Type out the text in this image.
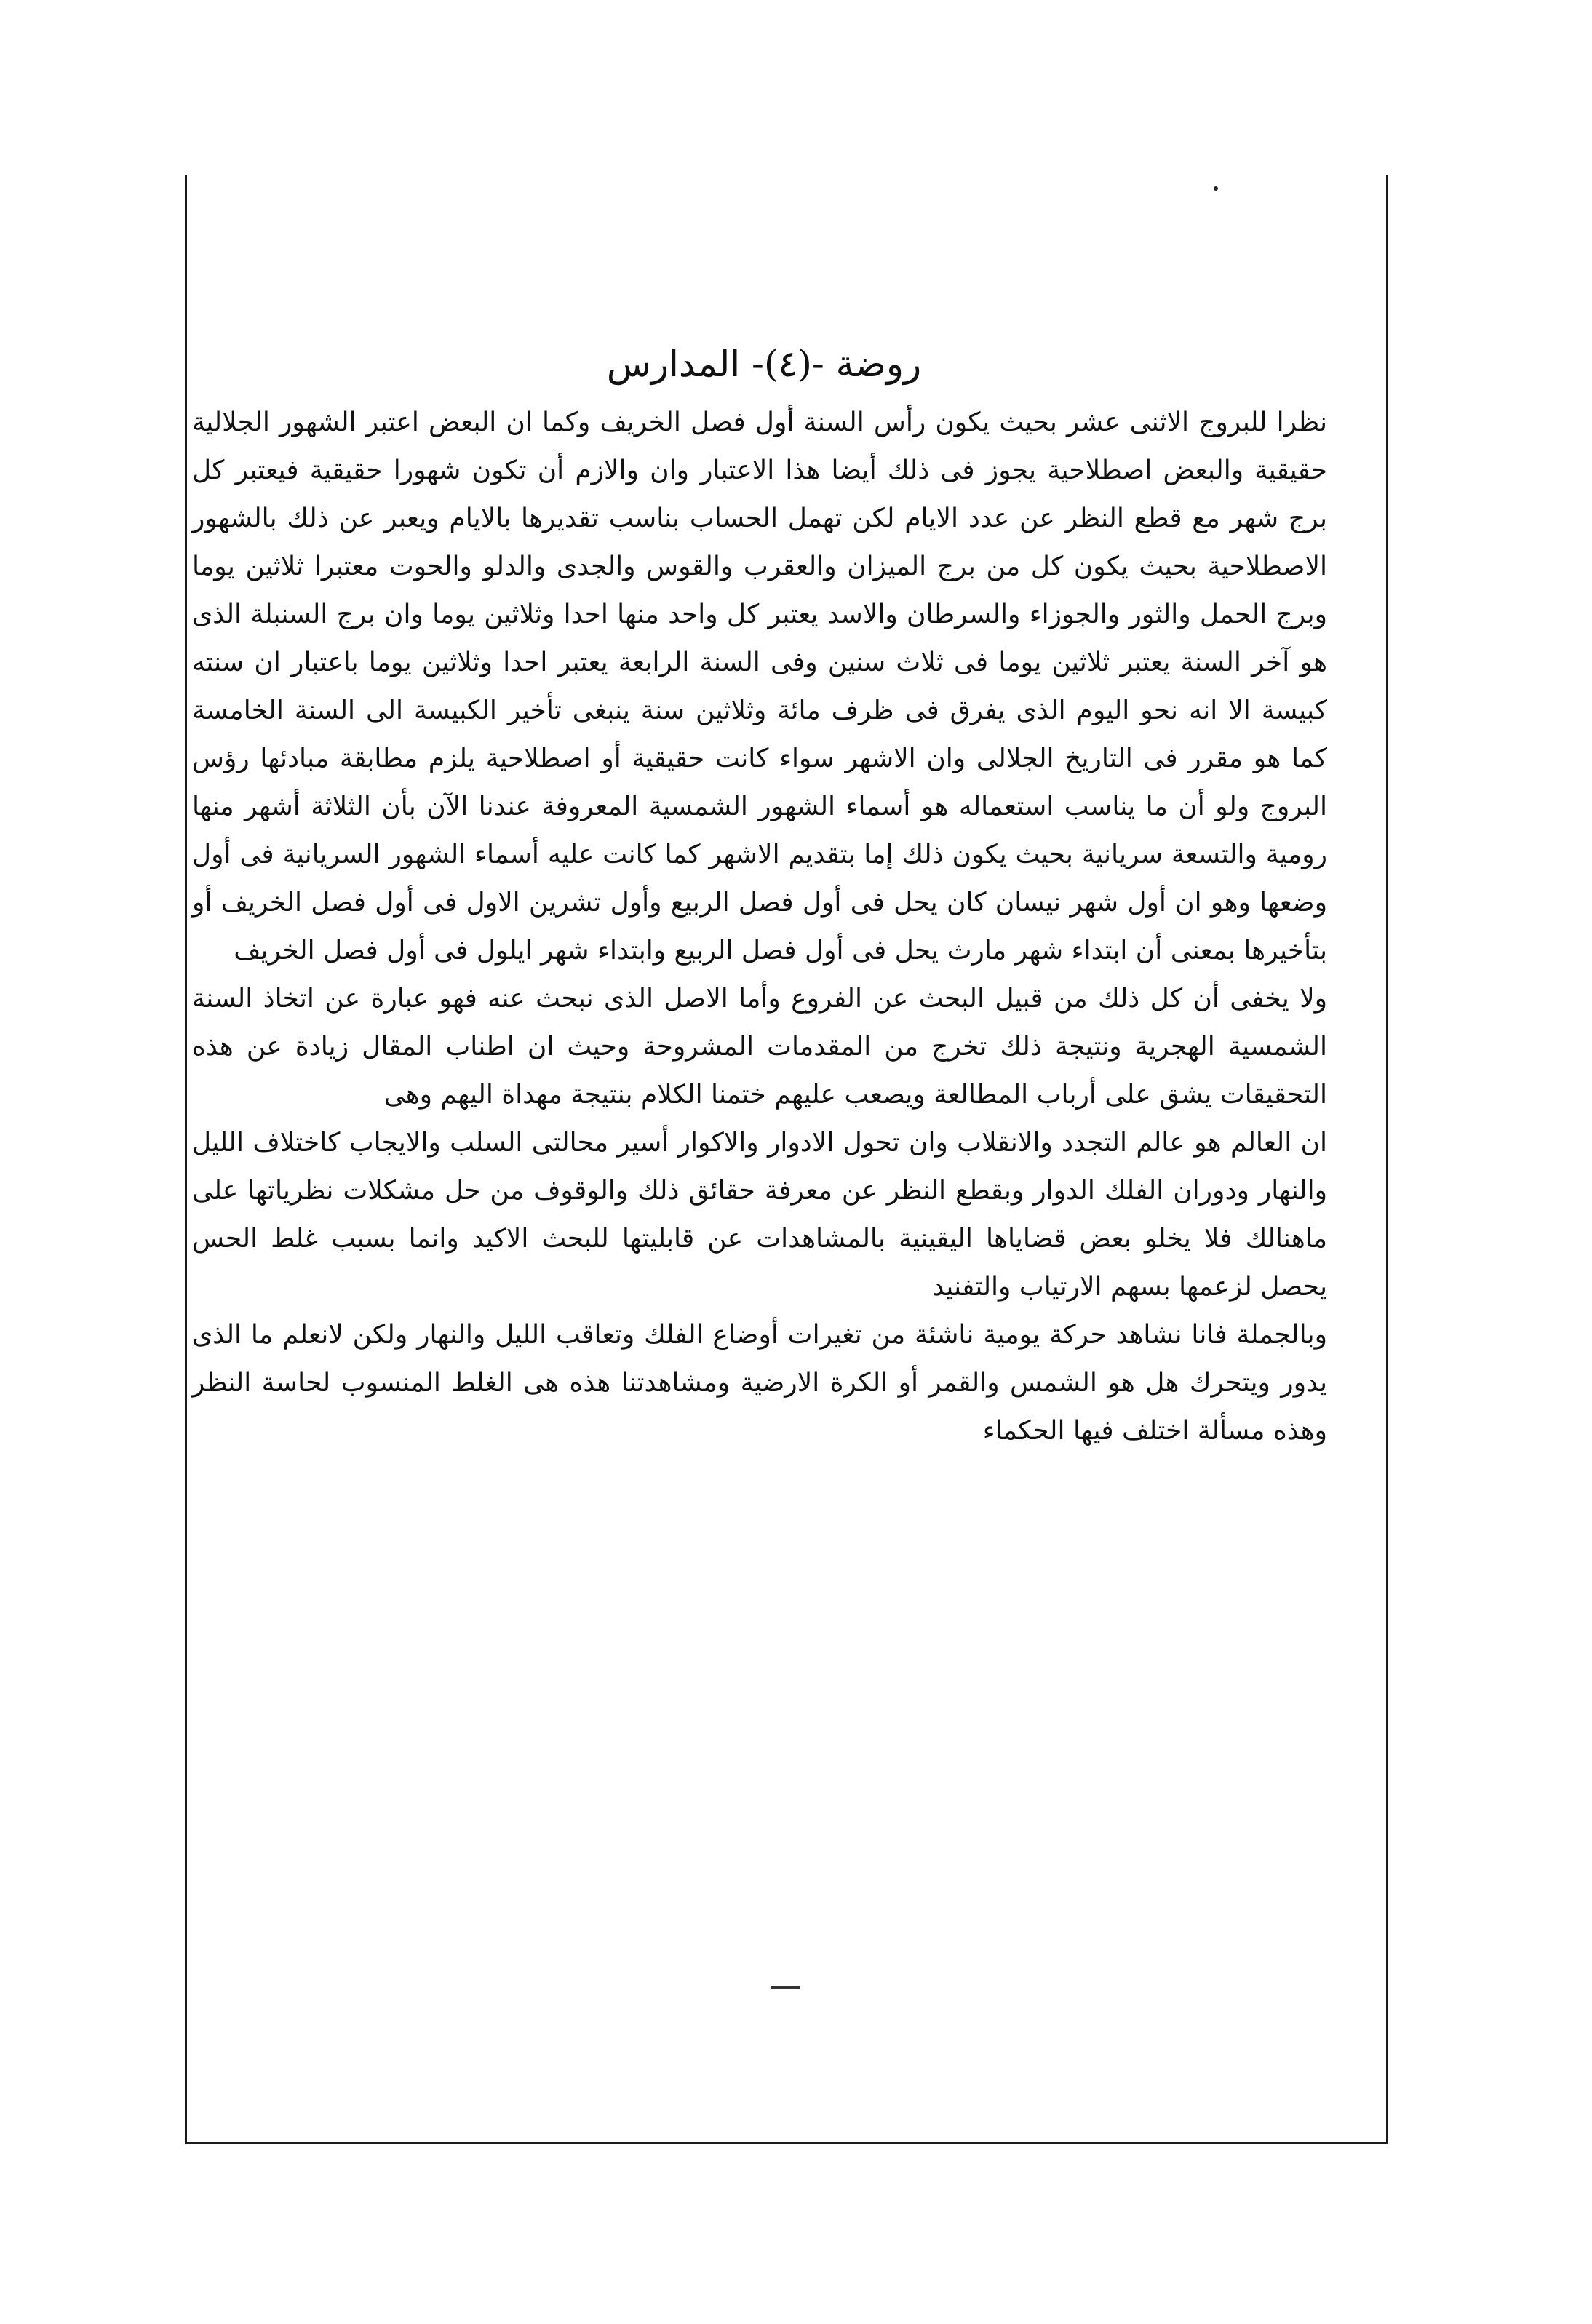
روضة -(٤)- المدارس

نظرا للبروج الاثنى عشر بحيث يكون رأس السنة أول فصل الخريف وكما ان البعض اعتبر الشهور الجلالية حقيقية والبعض اصطلاحية يجوز فى ذلك أيضا هذا الاعتبار وان والازم أن تكون شهورا حقيقية فيعتبر كل برج شهر مع قطع النظر عن عدد الايام لكن تهمل الحساب بناسب تقديرها بالايام ويعبر عن ذلك بالشهور الاصطلاحية بحيث يكون كل من برج الميزان والعقرب والقوس والجدى والدلو والحوت معتبرا ثلاثين يوما وبرج الحمل والثور والجوزاء والسرطان والاسد يعتبر كل واحد منها احدا وثلاثين يوما وان برج السنبلة الذى هو آخر السنة يعتبر ثلاثين يوما فى ثلاث سنين وفى السنة الرابعة يعتبر احدا وثلاثين يوما باعتبار ان سنته كبيسة الا انه نحو اليوم الذى يفرق فى ظرف مائة وثلاثين سنة ينبغى تأخير الكبيسة الى السنة الخامسة كما هو مقرر فى التاريخ الجلالى وان الاشهر سواء كانت حقيقية أو اصطلاحية يلزم مطابقة مبادئها رؤس البروج ولو أن ما يناسب استعماله هو أسماء الشهور الشمسية المعروفة عندنا الآن بأن الثلاثة أشهر منها رومية والتسعة سريانية بحيث يكون ذلك إما بتقديم الاشهر كما كانت عليه أسماء الشهور السريانية فى أول وضعها وهو ان أول شهر نيسان كان يحل فى أول فصل الربيع وأول تشرين الاول فى أول فصل الخريف أو بتأخيرها بمعنى أن ابتداء شهر مارث يحل فى أول فصل الربيع وابتداء شهر ايلول فى أول فصل الخريف

ولا يخفى أن كل ذلك من قبيل البحث عن الفروع وأما الاصل الذى نبحث عنه فهو عبارة عن اتخاذ السنة الشمسية الهجرية ونتيجة ذلك تخرج من المقدمات المشروحة وحيث ان اطناب المقال زيادة عن هذه التحقيقات يشق على أرباب المطالعة ويصعب عليهم ختمنا الكلام بنتيجة مهداة اليهم وهى

ان العالم هو عالم التجدد والانقلاب وان تحول الادوار والاكوار أسير محالتى السلب والايجاب كاختلاف الليل والنهار ودوران الفلك الدوار وبقطع النظر عن معرفة حقائق ذلك والوقوف من حل مشكلات نظرياتها على ماهنالك فلا يخلو بعض قضاياها اليقينية بالمشاهدات عن قابليتها للبحث الاكيد وانما بسبب غلط الحس يحصل لزعمها بسهم الارتياب والتفنيد

وبالجملة فانا نشاهد حركة يومية ناشئة من تغيرات أوضاع الفلك وتعاقب الليل والنهار ولكن لانعلم ما الذى يدور ويتحرك هل هو الشمس والقمر أو الكرة الارضية ومشاهدتنا هذه هى الغلط المنسوب لحاسة النظر وهذه مسألة اختلف فيها الحكماء
